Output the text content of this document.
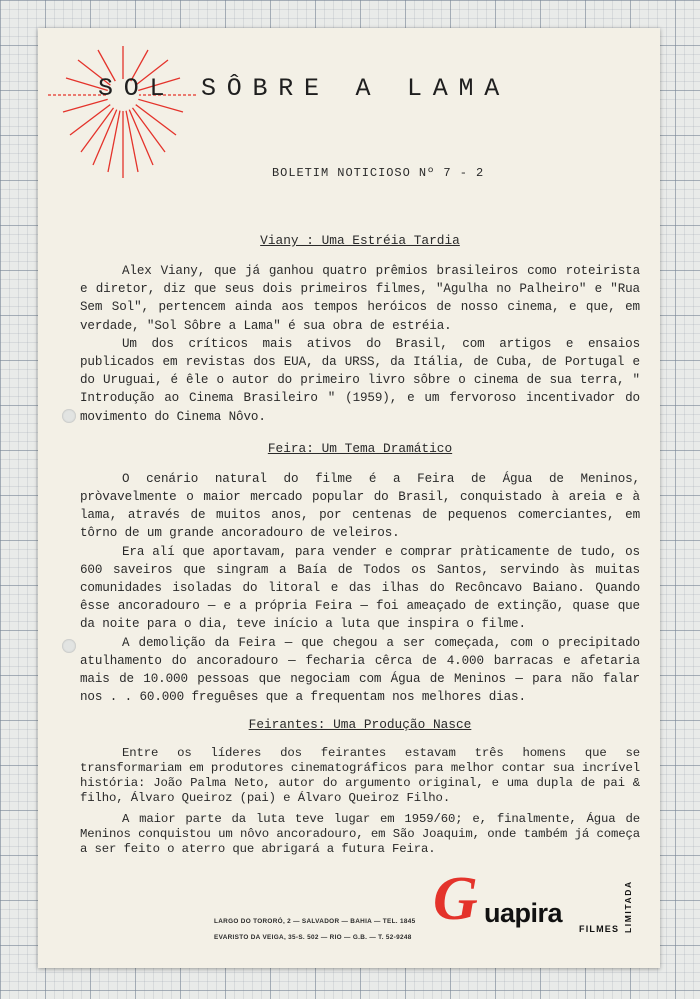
SOL SÔBRE A LAMA
BOLETIM NOTICIOSO Nº 7 - 2

Viany : Uma Estréia Tardia

Alex Viany, que já ganhou quatro prêmios brasileiros como roteirista e diretor, diz que seus dois primeiros filmes, "Agulha no Palheiro" e "Rua Sem Sol", pertencem ainda aos tempos heróicos de nosso cinema, e que, em verdade, "Sol Sôbre a Lama" é sua obra de estréia.

Um dos críticos mais ativos do Brasil, com artigos e ensaios publicados em revistas dos EUA, da URSS, da Itália, de Cuba, de Portugal e do Uruguai, é êle o autor do primeiro livro sôbre o cinema de sua terra, " Introdução ao Cinema Brasileiro " (1959), e um fervoroso incentivador do movimento do Cinema Nôvo.

Feira: Um Tema Dramático

O cenário natural do filme é a Feira de Água de Meninos, pròvavelmente o maior mercado popular do Brasil, conquistado à areia e à lama, através de muitos anos, por centenas de pequenos comerciantes, em tôrno de um grande ancoradouro de veleiros.

Era alí que aportavam, para vender e comprar pràticamente de tudo, os 600 saveiros que singram a Baía de Todos os Santos, servindo às muitas comunidades isoladas do litoral e das ilhas do Recôncavo Baiano. Quando êsse ancoradouro — e a própria Feira — foi ameaçado de extinção, quase que da noite para o dia, teve início a luta que inspira o filme.

A demolição da Feira — que chegou a ser começada, com o precipitado atulhamento do ancoradouro — fecharia cêrca de 4.000 barracas e afetaria mais de 10.000 pessoas que negociam com Água de Meninos — para não falar nos . . 60.000 freguêses que a frequentam nos melhores dias.

Feirantes: Uma Produção Nasce

Entre os líderes dos feirantes estavam três homens que se transformariam em produtores cinematográficos para melhor contar sua incrível história: João Palma Neto, autor do argumento original, e uma dupla de pai & filho, Álvaro Queiroz (pai) e Álvaro Queiroz Filho.

A maior parte da luta teve lugar em 1959/60; e, finalmente, Água de Meninos conquistou um nôvo ancoradouro, em São Joaquim, onde também já começa a ser feito o aterro que abrigará a futura Feira.

LARGO DO TORORÓ, 2 — SALVADOR — BAHIA — TEL. 1845
EVARISTO DA VEIGA, 35-S. 502 — RIO — G.B. — T. 52-9248
G uapira
FILMES LIMITADA
